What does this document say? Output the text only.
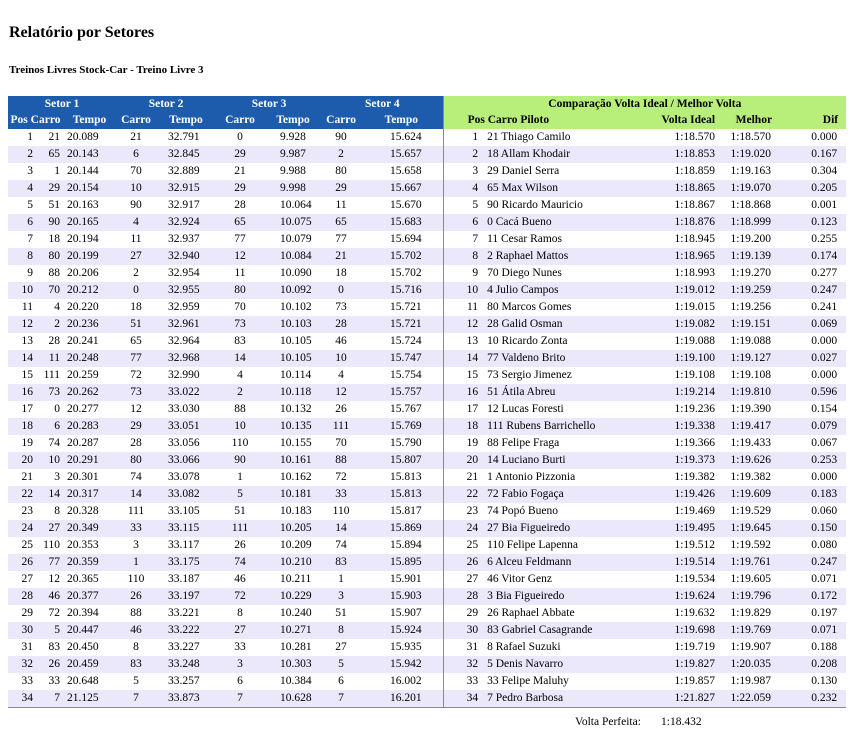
Relatório por Setores
Treinos Livres Stock-Car - Treino Livre 3
Setor 1			Setor 2		Setor 3		Setor 4		Comparação Volta Ideal / Melhor Volta				
Pos Carro		Tempo	Carro	Tempo	Carro	Tempo	Carro	Tempo	Pos Carro Piloto		Volta Ideal	Melhor	Dif
1	21	20.089	21	32.791	0	9.928	90	15.624	1	21 Thiago Camilo	1:18.570	1:18.570	0.000
2	65	20.143	6	32.845	29	9.987	2	15.657	2	18 Allam Khodair	1:18.853	1:19.020	0.167
3	1	20.144	70	32.889	21	9.988	80	15.658	3	29 Daniel Serra	1:18.859	1:19.163	0.304
4	29	20.154	10	32.915	29	9.998	29	15.667	4	65 Max Wilson	1:18.865	1:19.070	0.205
5	51	20.163	90	32.917	28	10.064	11	15.670	5	90 Ricardo Mauricio	1:18.867	1:18.868	0.001
6	90	20.165	4	32.924	65	10.075	65	15.683	6	0 Cacá Bueno	1:18.876	1:18.999	0.123
7	18	20.194	11	32.937	77	10.079	77	15.694	7	11 Cesar Ramos	1:18.945	1:19.200	0.255
8	80	20.199	27	32.940	12	10.084	21	15.702	8	2 Raphael Mattos	1:18.965	1:19.139	0.174
9	88	20.206	2	32.954	11	10.090	18	15.702	9	70 Diego Nunes	1:18.993	1:19.270	0.277
10	70	20.212	0	32.955	80	10.092	0	15.716	10	4 Julio Campos	1:19.012	1:19.259	0.247
11	4	20.220	18	32.959	70	10.102	73	15.721	11	80 Marcos Gomes	1:19.015	1:19.256	0.241
12	2	20.236	51	32.961	73	10.103	28	15.721	12	28 Galid Osman	1:19.082	1:19.151	0.069
13	28	20.241	65	32.964	83	10.105	46	15.724	13	10 Ricardo Zonta	1:19.088	1:19.088	0.000
14	11	20.248	77	32.968	14	10.105	10	15.747	14	77 Valdeno Brito	1:19.100	1:19.127	0.027
15	111	20.259	72	32.990	4	10.114	4	15.754	15	73 Sergio Jimenez	1:19.108	1:19.108	0.000
16	73	20.262	73	33.022	2	10.118	12	15.757	16	51 Átila Abreu	1:19.214	1:19.810	0.596
17	0	20.277	12	33.030	88	10.132	26	15.767	17	12 Lucas Foresti	1:19.236	1:19.390	0.154
18	6	20.283	29	33.051	10	10.135	111	15.769	18	111 Rubens Barrichello	1:19.338	1:19.417	0.079
19	74	20.287	28	33.056	110	10.155	70	15.790	19	88 Felipe Fraga	1:19.366	1:19.433	0.067
20	10	20.291	80	33.066	90	10.161	88	15.807	20	14 Luciano Burti	1:19.373	1:19.626	0.253
21	3	20.301	74	33.078	1	10.162	72	15.813	21	1 Antonio Pizzonia	1:19.382	1:19.382	0.000
22	14	20.317	14	33.082	5	10.181	33	15.813	22	72 Fabio Fogaça	1:19.426	1:19.609	0.183
23	8	20.328	111	33.105	51	10.183	110	15.817	23	74 Popó Bueno	1:19.469	1:19.529	0.060
24	27	20.349	33	33.115	111	10.205	14	15.869	24	27 Bia Figueiredo	1:19.495	1:19.645	0.150
25	110	20.353	3	33.117	26	10.209	74	15.894	25	110 Felipe Lapenna	1:19.512	1:19.592	0.080
26	77	20.359	1	33.175	74	10.210	83	15.895	26	6 Alceu Feldmann	1:19.514	1:19.761	0.247
27	12	20.365	110	33.187	46	10.211	1	15.901	27	46 Vitor Genz	1:19.534	1:19.605	0.071
28	46	20.377	26	33.197	72	10.229	3	15.903	28	3 Bia Figueiredo	1:19.624	1:19.796	0.172
29	72	20.394	88	33.221	8	10.240	51	15.907	29	26 Raphael Abbate	1:19.632	1:19.829	0.197
30	5	20.447	46	33.222	27	10.271	8	15.924	30	83 Gabriel Casagrande	1:19.698	1:19.769	0.071
31	83	20.450	8	33.227	33	10.281	27	15.935	31	8 Rafael Suzuki	1:19.719	1:19.907	0.188
32	26	20.459	83	33.248	3	10.303	5	15.942	32	5 Denis Navarro	1:19.827	1:20.035	0.208
33	33	20.648	5	33.257	6	10.384	6	16.002	33	33 Felipe Maluhy	1:19.857	1:19.987	0.130
34	7	21.125	7	33.873	7	10.628	7	16.201	34	7 Pedro Barbosa	1:21.827	1:22.059	0.232
Volta Perfeita: 1:18.432
